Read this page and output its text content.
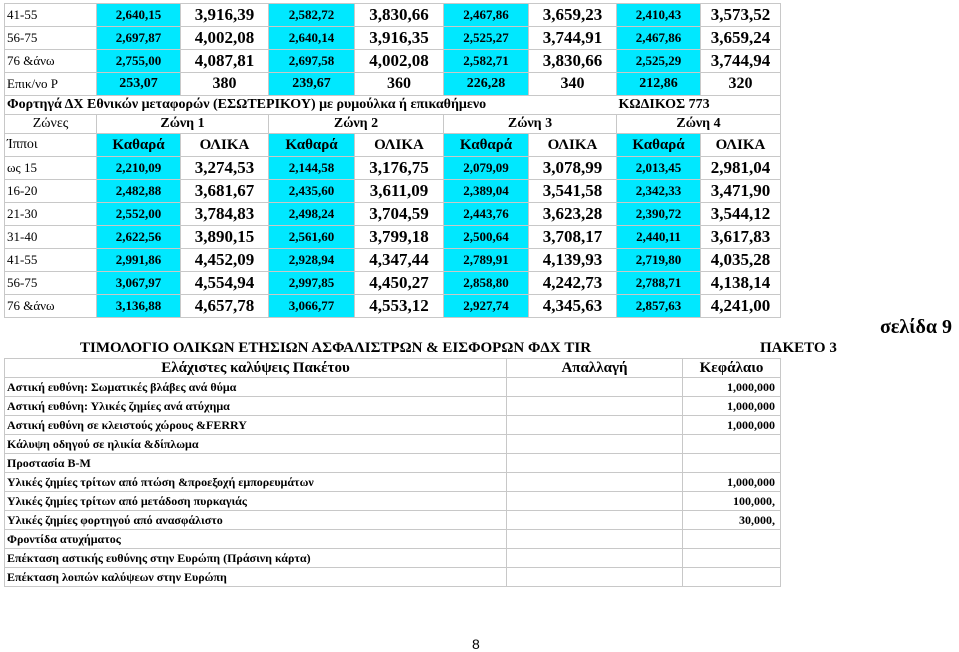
41-55	2,640,15	3,916,39	2,582,72	3,830,66	2,467,86	3,659,23	2,410,43	3,573,52
56-75	2,697,87	4,002,08	2,640,14	3,916,35	2,525,27	3,744,91	2,467,86	3,659,24
76 &άνω	2,755,00	4,087,81	2,697,58	4,002,08	2,582,71	3,830,66	2,525,29	3,744,94
Επικ/νο Ρ	253,07	380	239,67	360	226,28	340	212,86	320
Φορτηγά ΔΧ Εθνικών μεταφορών (ΕΣΩΤΕΡΙΚΟΥ) με ρυμούλκα ή επικαθήμενο							ΚΩΔΙΚΟΣ 773	
Ζώνες	Ζώνη 1		Ζώνη 2		Ζώνη 3		Ζώνη 4	
Ίπποι	Καθαρά	ΟΛΙΚΑ	Καθαρά	ΟΛΙΚΑ	Καθαρά	ΟΛΙΚΑ	Καθαρά	ΟΛΙΚΑ
ως 15	2,210,09	3,274,53	2,144,58	3,176,75	2,079,09	3,078,99	2,013,45	2,981,04
16-20	2,482,88	3,681,67	2,435,60	3,611,09	2,389,04	3,541,58	2,342,33	3,471,90
21-30	2,552,00	3,784,83	2,498,24	3,704,59	2,443,76	3,623,28	2,390,72	3,544,12
31-40	2,622,56	3,890,15	2,561,60	3,799,18	2,500,64	3,708,17	2,440,11	3,617,83
41-55	2,991,86	4,452,09	2,928,94	4,347,44	2,789,91	4,139,93	2,719,80	4,035,28
56-75	3,067,97	4,554,94	2,997,85	4,450,27	2,858,80	4,242,73	2,788,71	4,138,14
76 &άνω	3,136,88	4,657,78	3,066,77	4,553,12	2,927,74	4,345,63	2,857,63	4,241,00
σελίδα 9
ΤΙΜΟΛΟΓΙΟ ΟΛΙΚΩΝ ΕΤΗΣΙΩΝ ΑΣΦΑΛΙΣΤΡΩΝ & ΕΙΣΦΟΡΩΝ ΦΔΧ TIR	ΠΑΚΕΤΟ 3
Ελάχιστες καλύψεις Πακέτου	Απαλλαγή	Κεφάλαιο
Αστική ευθύνη: Σωματικές βλάβες ανά θύμα		1,000,000
Αστική ευθύνη: Υλικές ζημίες ανά ατύχημα		1,000,000
Αστική ευθύνη σε κλειστούς χώρους &FERRY		1,000,000
Κάλυψη οδηγού σε ηλικία &δίπλωμα		
Προστασία Β-Μ		
Υλικές ζημίες τρίτων από πτώση &προεξοχή εμπορευμάτων		1,000,000
Υλικές ζημίες τρίτων από μετάδοση πυρκαγιάς		100,000,
Υλικές ζημίες φορτηγού από ανασφάλιστο		30,000,
Φροντίδα ατυχήματος		
Επέκταση αστικής ευθύνης στην Ευρώπη (Πράσινη κάρτα)		
Επέκταση λοιπών καλύψεων στην Ευρώπη		
8
